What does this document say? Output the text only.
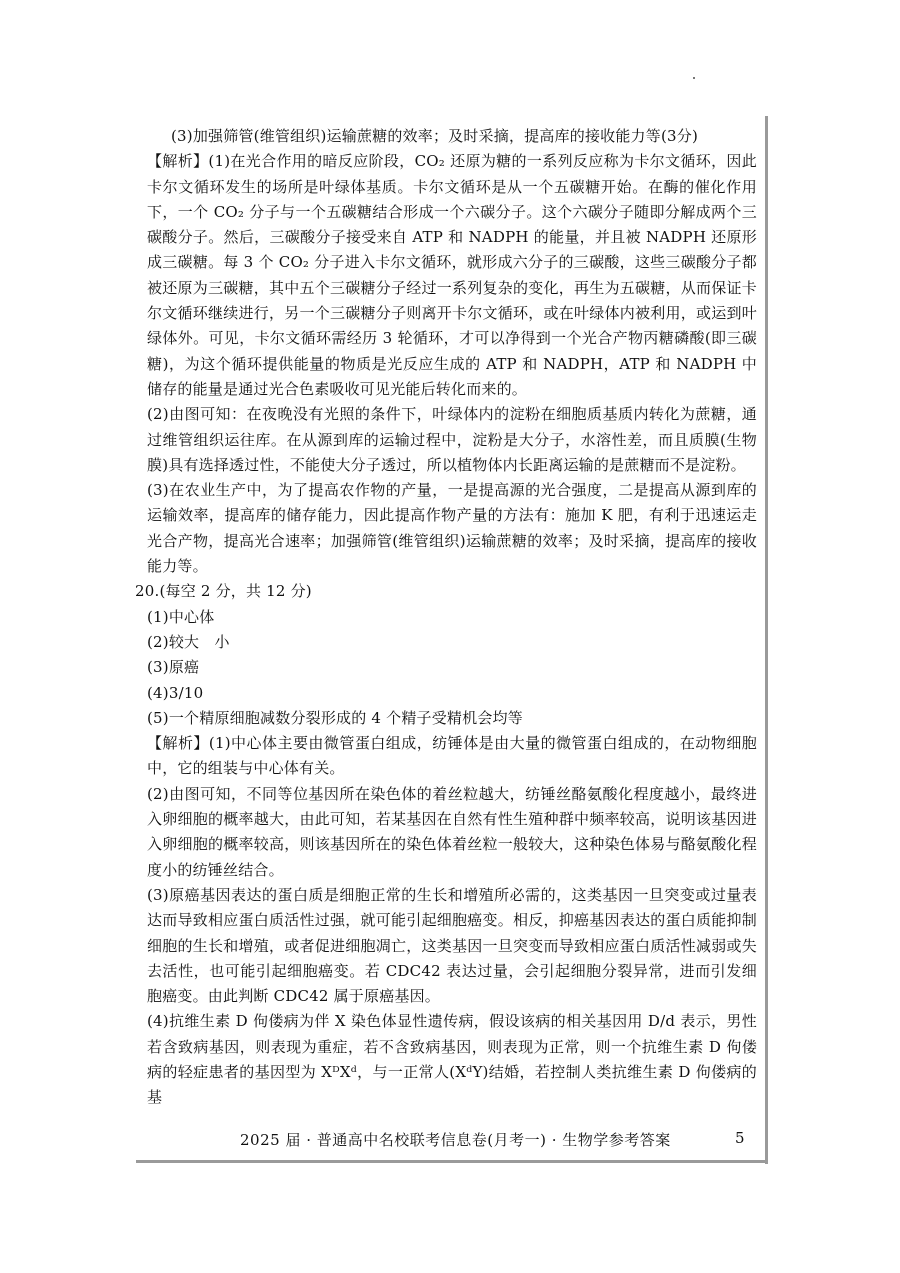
(3)加强筛管(维管组织)运输蔗糖的效率；及时采摘，提高库的接收能力等(3分)

【解析】(1)在光合作用的暗反应阶段，CO₂ 还原为糖的一系列反应称为卡尔文循环，因此卡尔文循环发生的场所是叶绿体基质。卡尔文循环是从一个五碳糖开始。在酶的催化作用下，一个 CO₂ 分子与一个五碳糖结合形成一个六碳分子。这个六碳分子随即分解成两个三碳酸分子。然后，三碳酸分子接受来自 ATP 和 NADPH 的能量，并且被 NADPH 还原形成三碳糖。每 3 个 CO₂ 分子进入卡尔文循环，就形成六分子的三碳酸，这些三碳酸分子都被还原为三碳糖，其中五个三碳糖分子经过一系列复杂的变化，再生为五碳糖，从而保证卡尔文循环继续进行，另一个三碳糖分子则离开卡尔文循环，或在叶绿体内被利用，或运到叶绿体外。可见，卡尔文循环需经历 3 轮循环，才可以净得到一个光合产物丙糖磷酸(即三碳糖)，为这个循环提供能量的物质是光反应生成的 ATP 和 NADPH，ATP 和 NADPH 中储存的能量是通过光合色素吸收可见光能后转化而来的。

(2)由图可知：在夜晚没有光照的条件下，叶绿体内的淀粉在细胞质基质内转化为蔗糖，通过维管组织运往库。在从源到库的运输过程中，淀粉是大分子，水溶性差，而且质膜(生物膜)具有选择透过性，不能使大分子透过，所以植物体内长距离运输的是蔗糖而不是淀粉。

(3)在农业生产中，为了提高农作物的产量，一是提高源的光合强度，二是提高从源到库的运输效率，提高库的储存能力，因此提高作物产量的方法有：施加 K 肥，有利于迅速运走光合产物，提高光合速率；加强筛管(维管组织)运输蔗糖的效率；及时采摘，提高库的接收能力等。

20.(每空 2 分，共 12 分)

(1)中心体

(2)较大　小

(3)原癌

(4)3/10

(5)一个精原细胞减数分裂形成的 4 个精子受精机会均等

【解析】(1)中心体主要由微管蛋白组成，纺锤体是由大量的微管蛋白组成的，在动物细胞中，它的组装与中心体有关。

(2)由图可知，不同等位基因所在染色体的着丝粒越大，纺锤丝酪氨酸化程度越小，最终进入卵细胞的概率越大，由此可知，若某基因在自然有性生殖种群中频率较高，说明该基因进入卵细胞的概率较高，则该基因所在的染色体着丝粒一般较大，这种染色体易与酪氨酸化程度小的纺锤丝结合。

(3)原癌基因表达的蛋白质是细胞正常的生长和增殖所必需的，这类基因一旦突变或过量表达而导致相应蛋白质活性过强，就可能引起细胞癌变。相反，抑癌基因表达的蛋白质能抑制细胞的生长和增殖，或者促进细胞凋亡，这类基因一旦突变而导致相应蛋白质活性减弱或失去活性，也可能引起细胞癌变。若 CDC42 表达过量，会引起细胞分裂异常，进而引发细胞癌变。由此判断 CDC42 属于原癌基因。

(4)抗维生素 D 佝偻病为伴 X 染色体显性遗传病，假设该病的相关基因用 D/d 表示，男性若含致病基因，则表现为重症，若不含致病基因，则表现为正常，则一个抗维生素 D 佝偻病的轻症患者的基因型为 XᴰXᵈ，与一正常人(XᵈY)结婚，若控制人类抗维生素 D 佝偻病的基

2025 届 · 普通高中名校联考信息卷(月考一) · 生物学参考答案	5
